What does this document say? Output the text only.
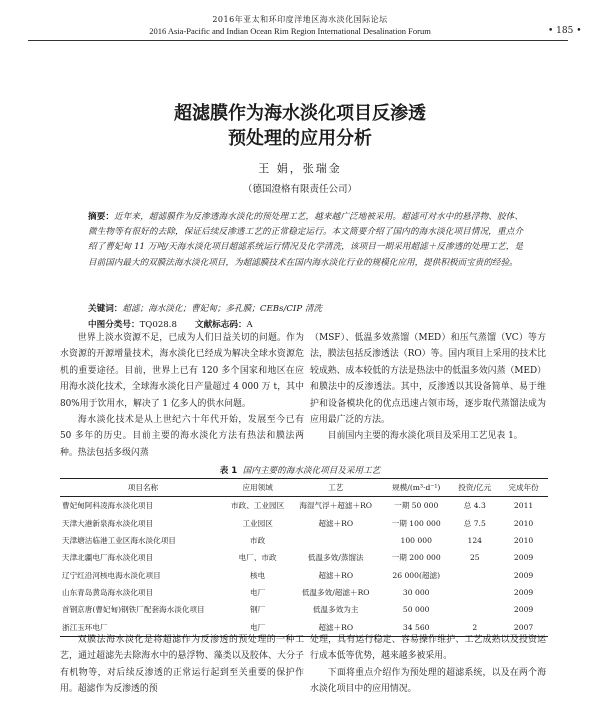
2016年亚太和环印度洋地区海水淡化国际论坛
2016 Asia-Pacific and Indian Ocean Rim Region International Desalination Forum	• 185 •
超滤膜作为海水淡化项目反渗透
预处理的应用分析
王 娟，张瑞金
（德国澄格有限责任公司）
摘要：近年来，超滤膜作为反渗透海水淡化的预处理工艺，越来越广泛地被采用。超滤可对水中的悬浮物、胶体、微生物等有很好的去除，保证后续反渗透工艺的正常稳定运行。本文简要介绍了国内的海水淡化项目情况，重点介绍了曹妃甸 11 万吨/天海水淡化项目超滤系统运行情况及化学清洗，该项目一期采用超滤＋反渗透的处理工艺，是目前国内最大的双膜法海水淡化项目，为超滤膜技术在国内海水淡化行业的规模化应用，提供积极而宝贵的经验。
关键词：超滤；海水淡化；曹妃甸；多孔膜；CEBs/CIP 清洗
中图分类号：TQ028.8 文献标志码：A

世界上淡水资源不足，已成为人们日益关切的问题。作为水资源的开源增量技术，海水淡化已经成为解决全球水资源危机的重要途径。目前，世界上已有 120 多个国家和地区在应用海水淡化技术，全球海水淡化日产量超过 4 000 万 t，其中 80%用于饮用水，解决了 1 亿多人的供水问题。

海水淡化技术是从上世纪六十年代开始，发展至今已有 50 多年的历史。目前主要的海水淡化方法有热法和膜法两种。热法包括多级闪蒸

（MSF）、低温多效蒸馏（MED）和压气蒸馏（VC）等方法，膜法包括反渗透法（RO）等。国内项目上采用的技术比较成熟、成本较低的方法是热法中的低温多效闪蒸（MED）和膜法中的反渗透法。其中，反渗透以其设备简单、易于维护和设备模块化的优点迅速占领市场，逐步取代蒸馏法成为应用最广泛的方法。

目前国内主要的海水淡化项目及采用工艺见表 1。

表 1 国内主要的海水淡化项目及采用工艺
项目名称	应用领域	工艺	规模/(m³·d⁻¹)	投资/亿元	完成年份
曹妃甸阿科凌海水淡化项目	市政、工业园区	海湿气浮＋超滤＋RO	一期 50 000	总 4.3	2011
天津大港新泉海水淡化项目	工业园区	超滤＋RO	一期 100 000	总 7.5	2010
天津塘沽临港工业区海水淡化项目	市政		100 000	124	2010
天津北疆电厂海水淡化项目	电厂、市政	低温多效/蒸馏法	一期 200 000	25	2009
辽宁红沿河核电海水淡化项目	核电	超滤＋RO	26 000(超滤)		2009
山东青岛黄岛海水淡化项目	电厂	低温多效/超滤＋RO	30 000		2009
首钢京唐(曹妃甸)钢铁厂配套海水淡化项目	钢厂	低温多效为主	50 000		2009
浙江玉环电厂	电厂	超滤＋RO	34 560	2	2007

双膜法海水淡化是将超滤作为反渗透的预处理的一种工艺，通过超滤先去除海水中的悬浮物、藻类以及胶体、大分子有机物等，对后续反渗透的正常运行起到至关重要的保护作用。超滤作为反渗透的预

处理，具有运行稳定、容易操作维护、工艺成熟以及投资运行成本低等优势，越来越多被采用。

下面将重点介绍作为预处理的超滤系统，以及在两个海水淡化项目中的应用情况。
